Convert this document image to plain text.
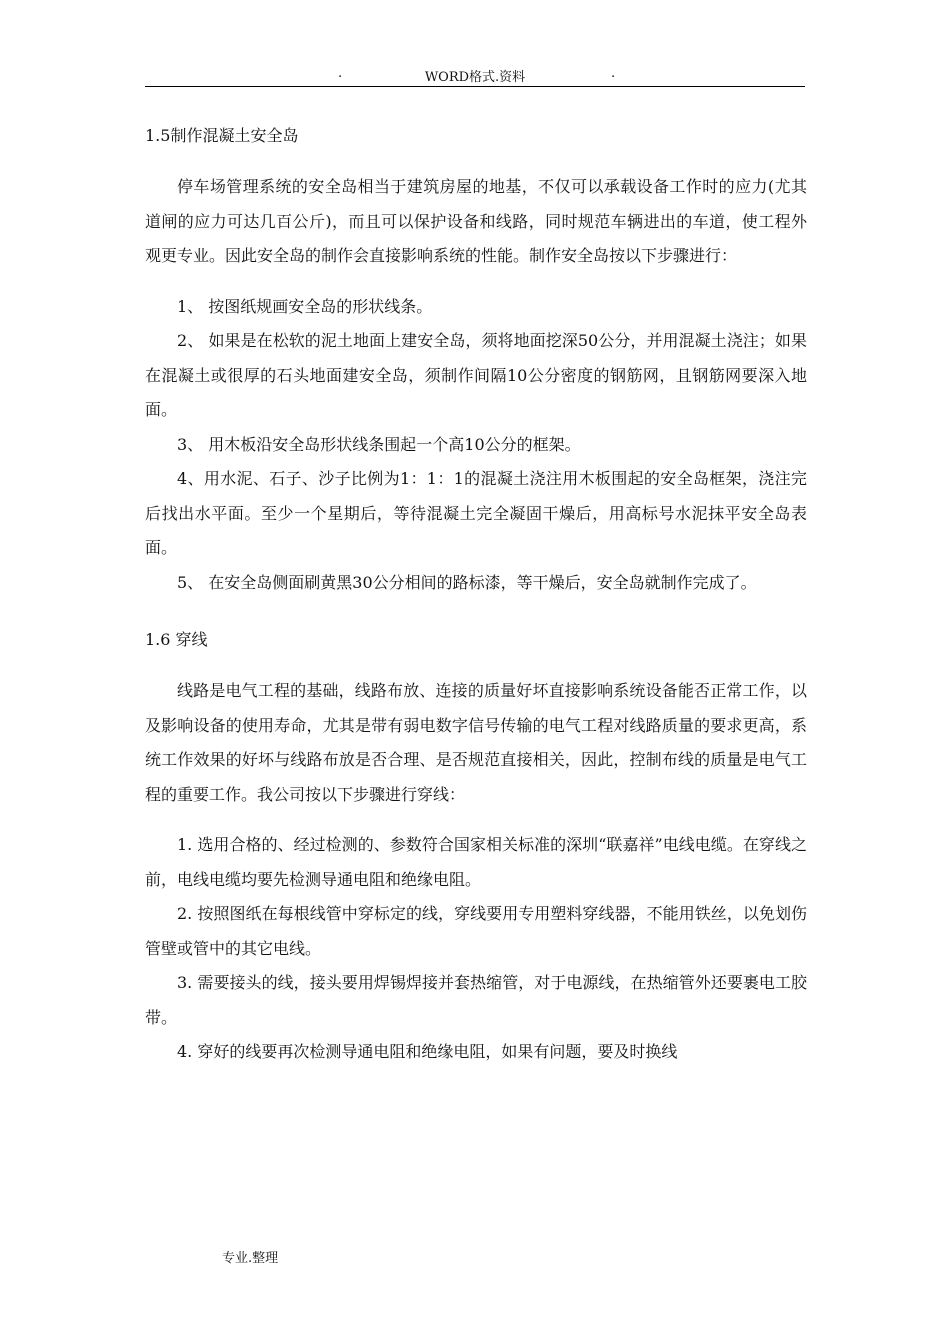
.	WORD格式.资料	.

1.5制作混凝土安全岛

停车场管理系统的安全岛相当于建筑房屋的地基，不仅可以承载设备工作时的应力(尤其道闸的应力可达几百公斤)，而且可以保护设备和线路，同时规范车辆进出的车道，使工程外观更专业。因此安全岛的制作会直接影响系统的性能。制作安全岛按以下步骤进行：

1、 按图纸规画安全岛的形状线条。

2、 如果是在松软的泥土地面上建安全岛，须将地面挖深50公分，并用混凝土浇注；如果在混凝土或很厚的石头地面建安全岛，须制作间隔10公分密度的钢筋网，且钢筋网要深入地面。

3、 用木板沿安全岛形状线条围起一个高10公分的框架。

4、用水泥、石子、沙子比例为1：1：1的混凝土浇注用木板围起的安全岛框架，浇注完后找出水平面。至少一个星期后，等待混凝土完全凝固干燥后，用高标号水泥抹平安全岛表面。

5、 在安全岛侧面刷黄黑30公分相间的路标漆，等干燥后，安全岛就制作完成了。

1.6 穿线

线路是电气工程的基础，线路布放、连接的质量好坏直接影响系统设备能否正常工作，以及影响设备的使用寿命，尤其是带有弱电数字信号传输的电气工程对线路质量的要求更高，系统工作效果的好坏与线路布放是否合理、是否规范直接相关，因此，控制布线的质量是电气工程的重要工作。我公司按以下步骤进行穿线：

1. 选用合格的、经过检测的、参数符合国家相关标准的深圳“联嘉祥”电线电缆。在穿线之前，电线电缆均要先检测导通电阻和绝缘电阻。

2. 按照图纸在每根线管中穿标定的线，穿线要用专用塑料穿线器，不能用铁丝，以免划伤管壁或管中的其它电线。

3. 需要接头的线，接头要用焊锡焊接并套热缩管，对于电源线，在热缩管外还要裹电工胶带。

4. 穿好的线要再次检测导通电阻和绝缘电阻，如果有问题，要及时换线

专业.整理
